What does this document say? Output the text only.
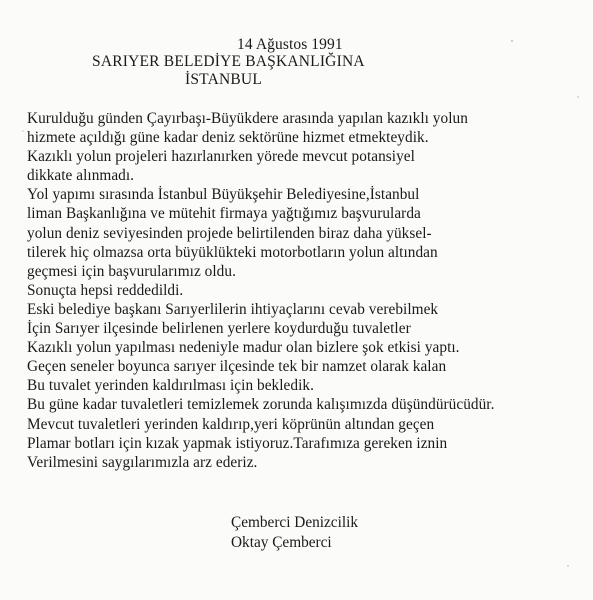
14 Ağustos 1991
SARIYER BELEDİYE BAŞKANLIĞINA
İSTANBUL
Kurulduğu günden Çayırbaşı-Büyükdere arasında yapılan kazıklı yolun
hizmete açıldığı güne kadar deniz sektörüne hizmet etmekteydik.
Kazıklı yolun projeleri hazırlanırken yörede mevcut potansiyel
dikkate alınmadı.
Yol yapımı sırasında İstanbul Büyükşehir Belediyesine,İstanbul
liman Başkanlığına ve mütehit firmaya yağtığımız başvurularda
yolun deniz seviyesinden projede belirtilenden biraz daha yüksel-
tilerek hiç olmazsa orta büyüklükteki motorbotların yolun altından
geçmesi için başvurularımız oldu.
Sonuçta hepsi reddedildi.
Eski belediye başkanı Sarıyerlilerin ihtiyaçlarını cevab verebilmek
İçin Sarıyer ilçesinde belirlenen yerlere koydurduğu tuvaletler
Kazıklı yolun yapılması nedeniyle madur olan bizlere şok etkisi yaptı.
Geçen seneler boyunca sarıyer ilçesinde tek bir namzet olarak kalan
Bu tuvalet yerinden kaldırılması için bekledik.
Bu güne kadar tuvaletleri temizlemek zorunda kalışımızda düşündürücüdür.
Mevcut tuvaletleri yerinden kaldırıp,yeri köprünün altından geçen
Plamar botları için kızak yapmak istiyoruz.Tarafımıza gereken iznin
Verilmesini saygılarımızla arz ederiz.
Çemberci Denizcilik
Oktay Çemberci
